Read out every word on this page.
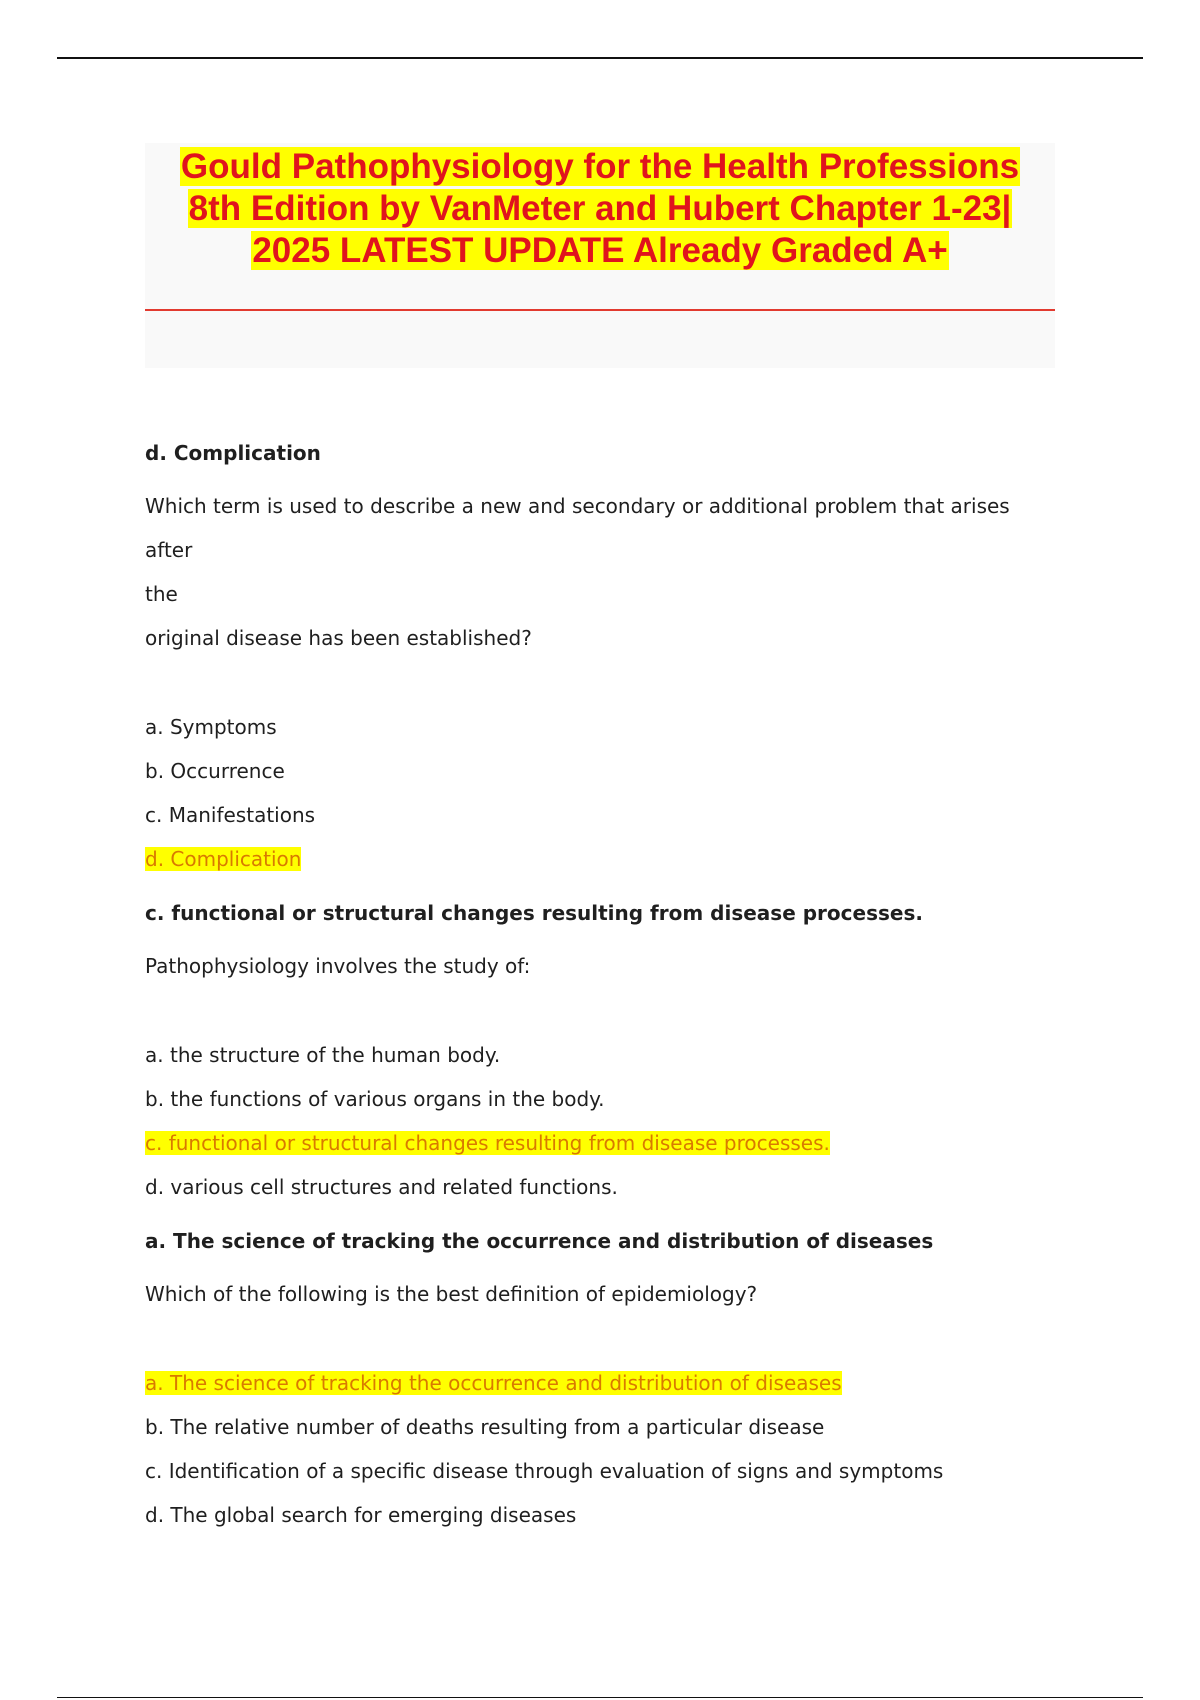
Gould Pathophysiology for the Health Professions
8th Edition by VanMeter and Hubert Chapter 1-23|
2025 LATEST UPDATE Already Graded A+

d. Complication

Which term is used to describe a new and secondary or additional problem that arises after
the
original disease has been established?

a. Symptoms

b. Occurrence

c. Manifestations

d. Complication

c. functional or structural changes resulting from disease processes.

Pathophysiology involves the study of:

a. the structure of the human body.

b. the functions of various organs in the body.

c. functional or structural changes resulting from disease processes.

d. various cell structures and related functions.

a. The science of tracking the occurrence and distribution of diseases

Which of the following is the best definition of epidemiology?

a. The science of tracking the occurrence and distribution of diseases

b. The relative number of deaths resulting from a particular disease

c. Identification of a specific disease through evaluation of signs and symptoms

d. The global search for emerging diseases
